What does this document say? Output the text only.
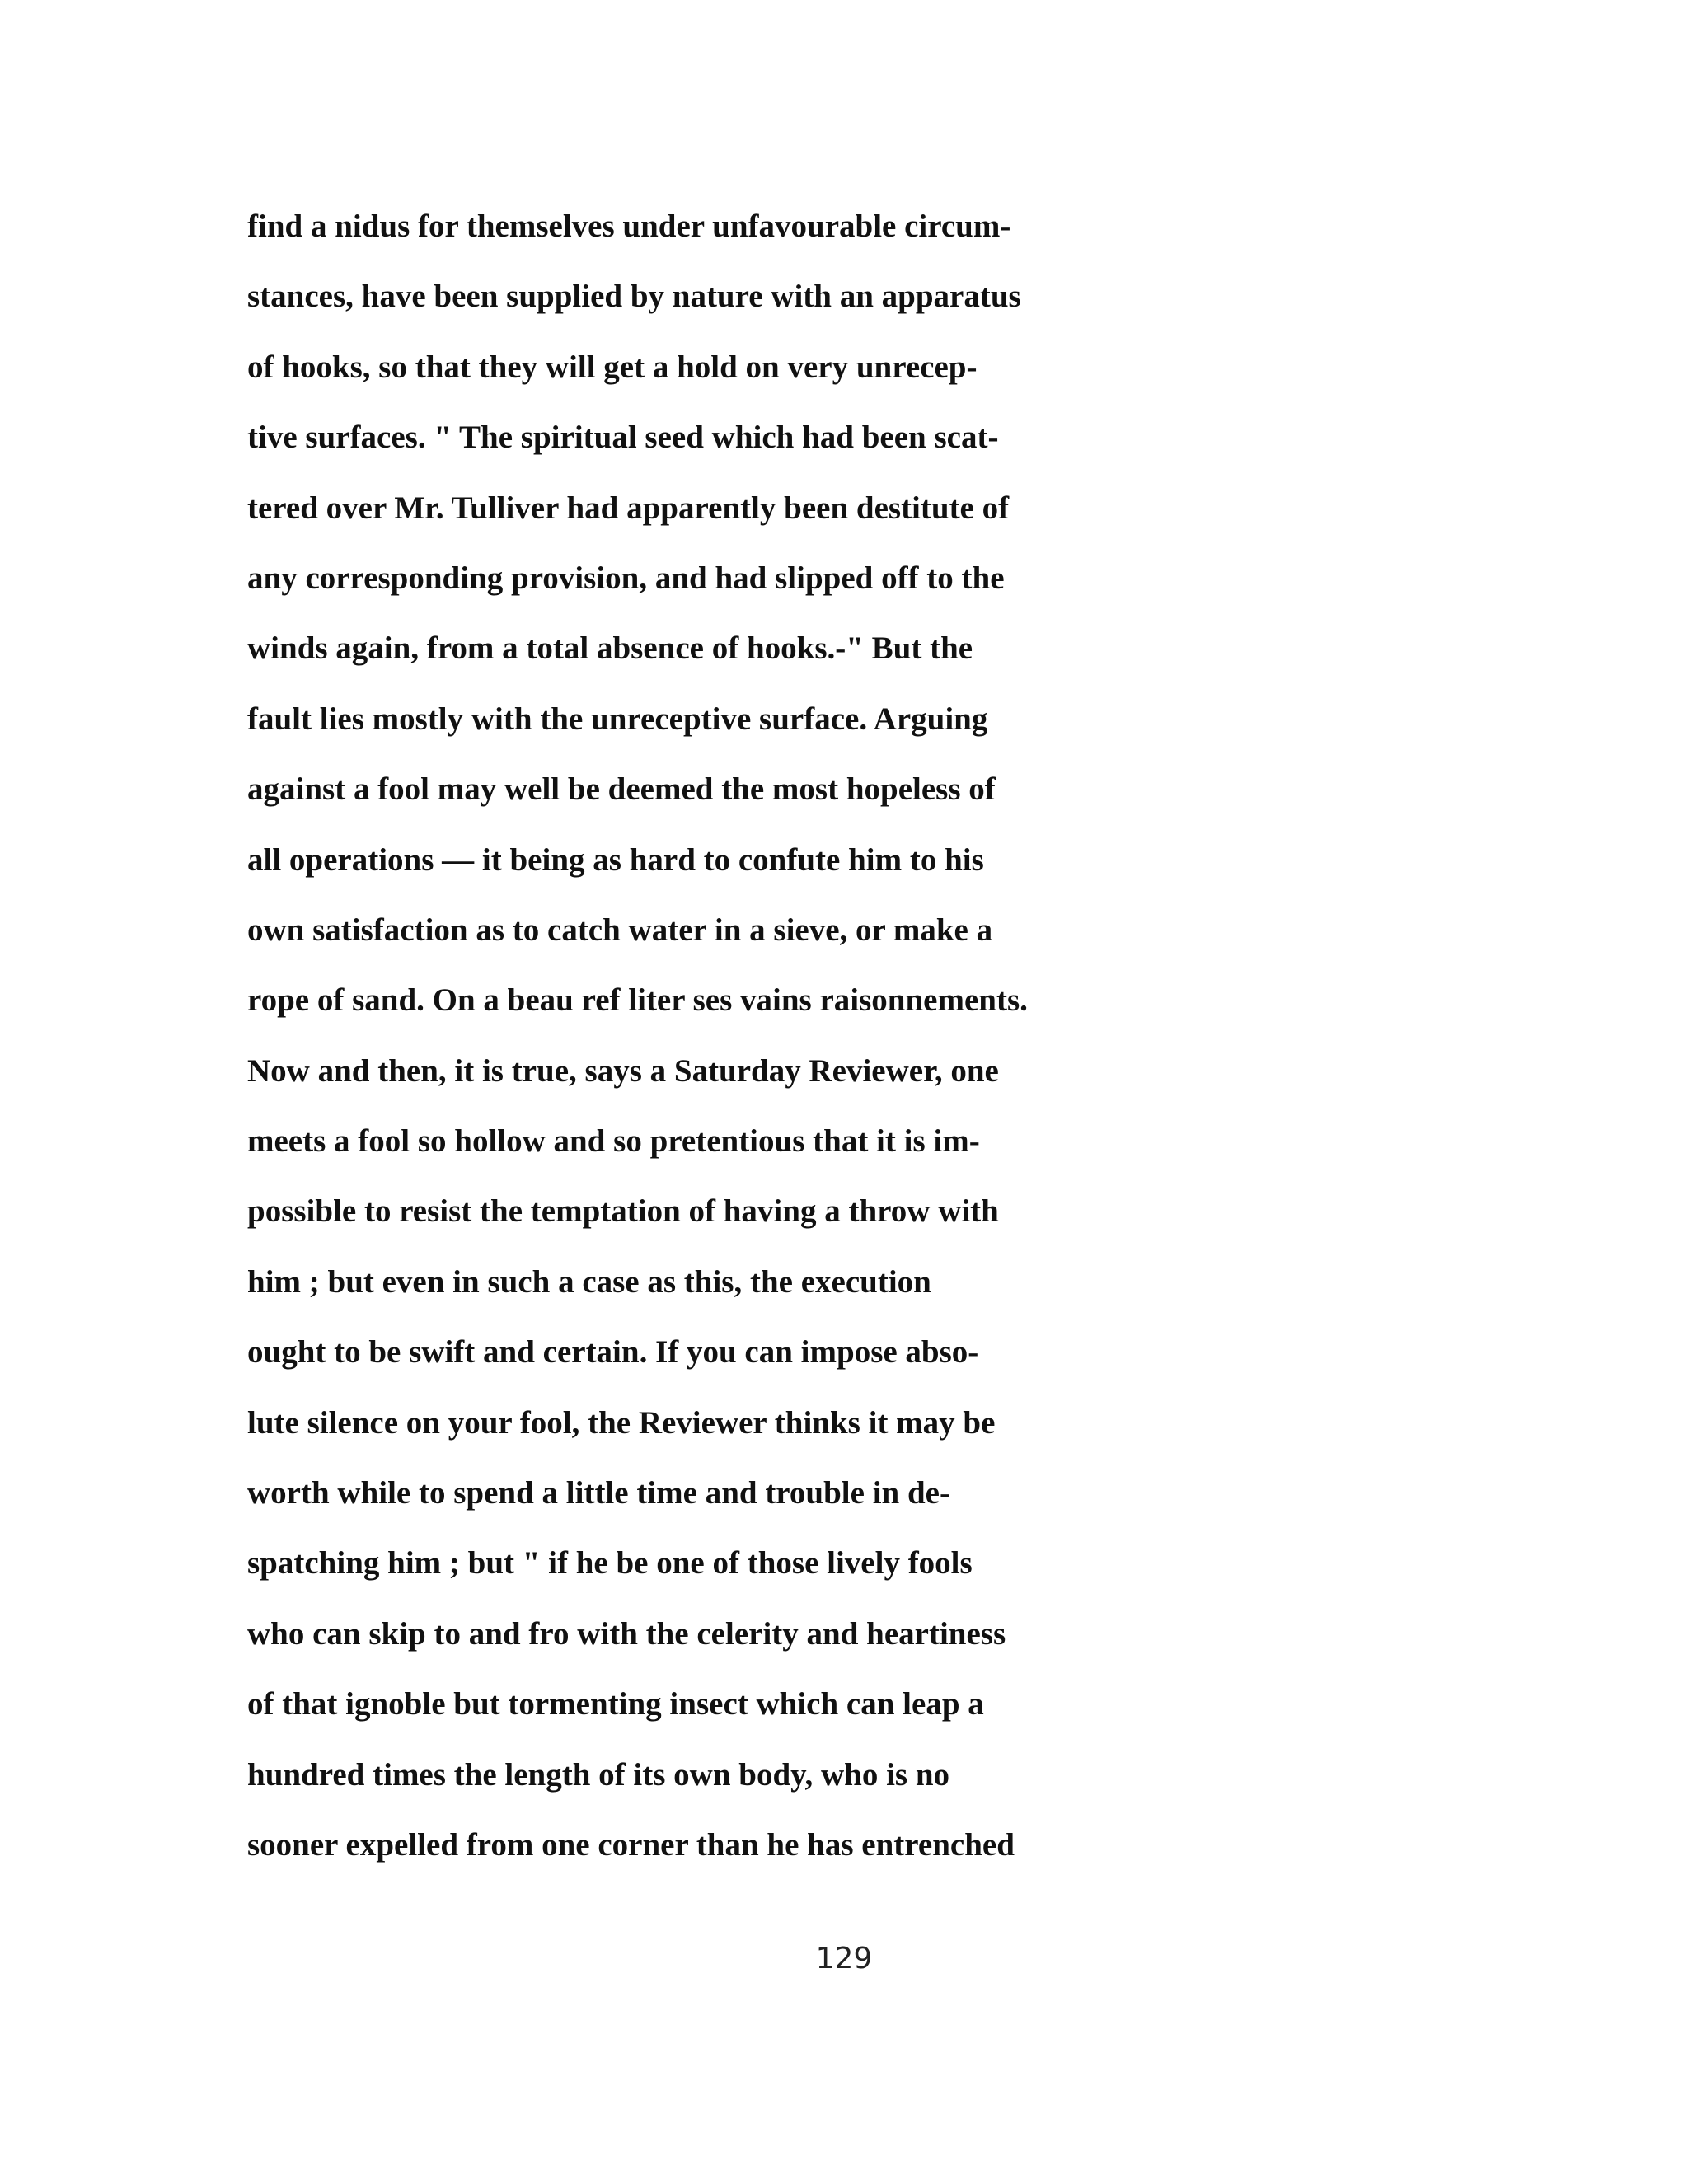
find a nidus for themselves under unfavourable circum-
stances, have been supplied by nature with an apparatus
of hooks, so that they will get a hold on very unrecep-
tive surfaces. " The spiritual seed which had been scat-
tered over Mr. Tulliver had apparently been destitute of
any corresponding provision, and had slipped off to the
winds again, from a total absence of hooks.-" But the
fault lies mostly with the unreceptive surface. Arguing
against a fool may well be deemed the most hopeless of
all operations — it being as hard to confute him to his
own satisfaction as to catch water in a sieve, or make a
rope of sand. On a beau ref liter ses vains raisonnements.
Now and then, it is true, says a Saturday Reviewer, one
meets a fool so hollow and so pretentious that it is im-
possible to resist the temptation of having a throw with
him ; but even in such a case as this, the execution
ought to be swift and certain. If you can impose abso-
lute silence on your fool, the Reviewer thinks it may be
worth while to spend a little time and trouble in de-
spatching him ; but " if he be one of those lively fools
who can skip to and fro with the celerity and heartiness
of that ignoble but tormenting insect which can leap a
hundred times the length of its own body, who is no
sooner expelled from one corner than he has entrenched

129
